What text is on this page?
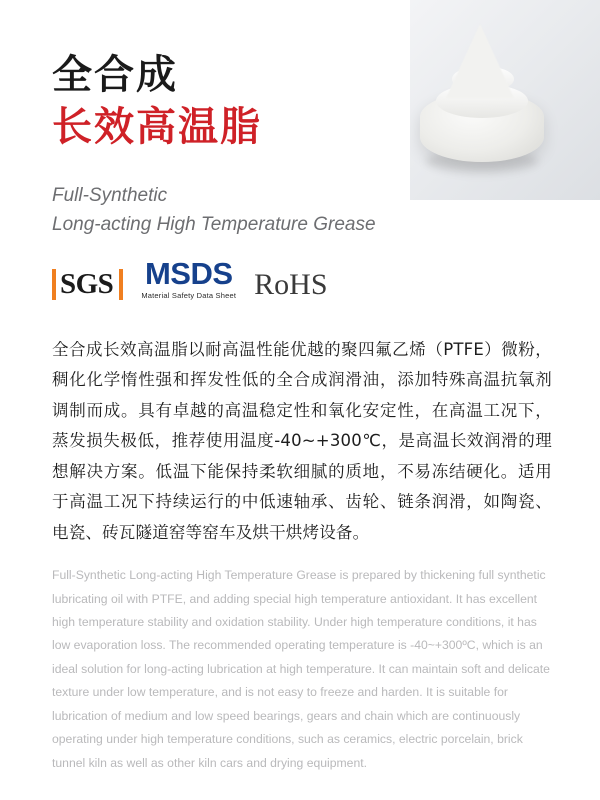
全合成
长效高温脂
Full-Synthetic
Long-acting High Temperature Grease
SGS	MSDS
Material Safety Data Sheet RoHS

全合成长效高温脂以耐高温性能优越的聚四氟乙烯（PTFE）微粉，稠化化学惰性强和挥发性低的全合成润滑油，添加特殊高温抗氧剂调制而成。具有卓越的高温稳定性和氧化安定性，在高温工况下，蒸发损失极低，推荐使用温度-40~+300℃，是高温长效润滑的理想解决方案。低温下能保持柔软细腻的质地，不易冻结硬化。适用于高温工况下持续运行的中低速轴承、齿轮、链条润滑，如陶瓷、电瓷、砖瓦隧道窑等窑车及烘干烘烤设备。

Full-Synthetic Long-acting High Temperature Grease is prepared by thickening full synthetic lubricating oil with PTFE, and adding special high temperature antioxidant. It has excellent high temperature stability and oxidation stability. Under high temperature conditions, it has low evaporation loss. The recommended operating temperature is -40~+300ºC, which is an ideal solution for long-acting lubrication at high temperature. It can maintain soft and delicate texture under low temperature, and is not easy to freeze and harden. It is suitable for lubrication of medium and low speed bearings, gears and chain which are continuously operating under high temperature conditions, such as ceramics, electric porcelain, brick tunnel kiln as well as other kiln cars and drying equipment.
